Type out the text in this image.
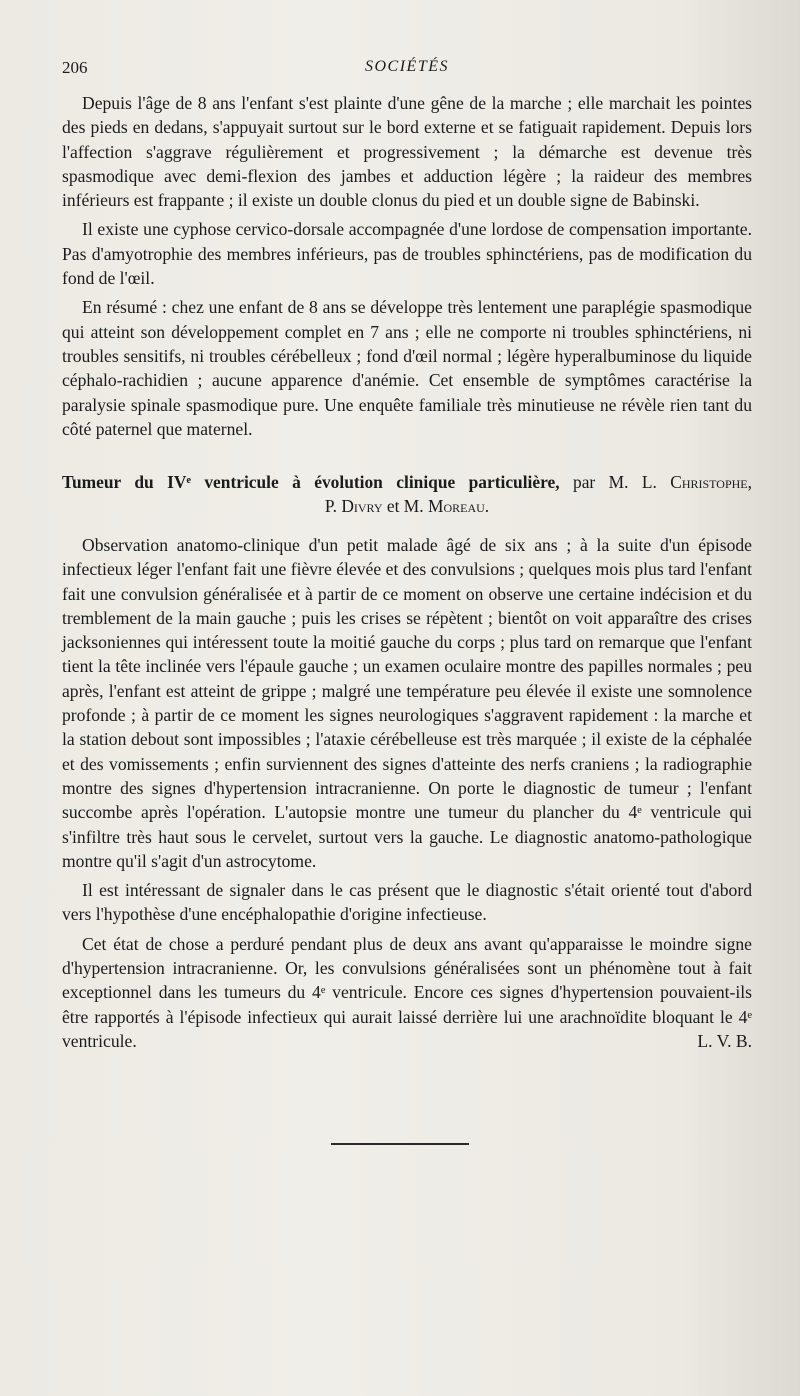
206	SOCIÉTÉS

Depuis l'âge de 8 ans l'enfant s'est plainte d'une gêne de la marche ; elle marchait les pointes des pieds en dedans, s'appuyait surtout sur le bord externe et se fatiguait rapidement. Depuis lors l'affection s'aggrave régulièrement et progressivement ; la démarche est devenue très spasmodique avec demi-flexion des jambes et adduction légère ; la raideur des membres inférieurs est frappante ; il existe un double clonus du pied et un double signe de Babinski.

Il existe une cyphose cervico-dorsale accompagnée d'une lordose de compensation importante. Pas d'amyotrophie des membres inférieurs, pas de troubles sphinctériens, pas de modification du fond de l'œil.

En résumé : chez une enfant de 8 ans se développe très lentement une paraplégie spasmodique qui atteint son développement complet en 7 ans ; elle ne comporte ni troubles sphinctériens, ni troubles sensitifs, ni troubles cérébelleux ; fond d'œil normal ; légère hyperalbuminose du liquide céphalo-rachidien ; aucune apparence d'anémie. Cet ensemble de symptômes caractérise la paralysie spinale spasmodique pure. Une enquête familiale très minutieuse ne révèle rien tant du côté paternel que maternel.

Tumeur du IVᵉ ventricule à évolution clinique particulière, par M. L. Christophe,
P. Divry et M. Moreau.

Observation anatomo-clinique d'un petit malade âgé de six ans ; à la suite d'un épisode infectieux léger l'enfant fait une fièvre élevée et des convulsions ; quelques mois plus tard l'enfant fait une convulsion généralisée et à partir de ce moment on observe une certaine indécision et du tremblement de la main gauche ; puis les crises se répètent ; bientôt on voit apparaître des crises jacksoniennes qui intéressent toute la moitié gauche du corps ; plus tard on remarque que l'enfant tient la tête inclinée vers l'épaule gauche ; un examen oculaire montre des papilles normales ; peu après, l'enfant est atteint de grippe ; malgré une température peu élevée il existe une somnolence profonde ; à partir de ce moment les signes neurologiques s'aggravent rapidement : la marche et la station debout sont impossibles ; l'ataxie cérébelleuse est très marquée ; il existe de la céphalée et des vomissements ; enfin surviennent des signes d'atteinte des nerfs craniens ; la radiographie montre des signes d'hypertension intracranienne. On porte le diagnostic de tumeur ; l'enfant succombe après l'opération. L'autopsie montre une tumeur du plancher du 4ᵉ ventricule qui s'infiltre très haut sous le cervelet, surtout vers la gauche. Le diagnostic anatomo-pathologique montre qu'il s'agit d'un astrocytome.

Il est intéressant de signaler dans le cas présent que le diagnostic s'était orienté tout d'abord vers l'hypothèse d'une encéphalopathie d'origine infectieuse.

Cet état de chose a perduré pendant plus de deux ans avant qu'apparaisse le moindre signe d'hypertension intracranienne. Or, les convulsions généralisées sont un phénomène tout à fait exceptionnel dans les tumeurs du 4ᵉ ventricule. Encore ces signes d'hypertension pouvaient-ils être rapportés à l'épisode infectieux qui aurait laissé derrière lui une arachnoïdite bloquant le 4ᵉ ventricule.	L. V. B.
